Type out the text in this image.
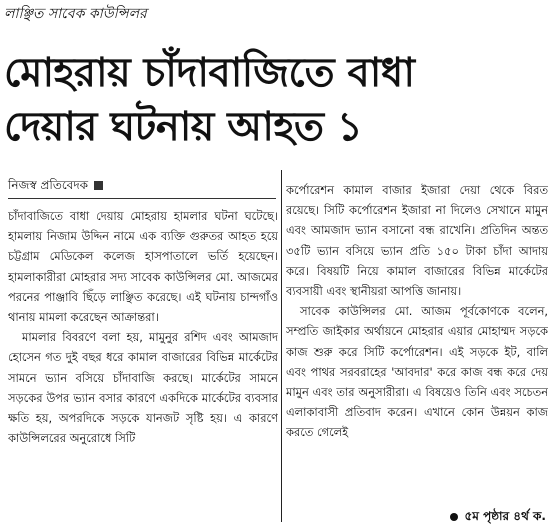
লাঞ্ছিত সাবেক কাউন্সিলর
মোহরায় চাঁদাবাজিতে বাধা
দেয়ার ঘটনায় আহত ১
নিজস্ব প্রতিবেদক

চাঁদাবাজিতে বাধা দেয়ায় মোহরায় হামলার ঘটনা ঘটেছে। হামলায় নিজাম উদ্দিন নামে এক ব্যক্তি গুরুতর আহত হয়ে চট্টগ্রাম মেডিকেল কলেজ হাসপাতালে ভর্তি হয়েছেন। হামলাকারীরা মোহরার সদ্য সাবেক কাউন্সিলর মো. আজমের পরনের পাঞ্জাবি ছিঁড়ে লাঞ্ছিত করেছে। এই ঘটনায় চান্দগাঁও থানায় মামলা করেছেন আক্রান্তরা।

মামলার বিবরণে বলা হয়, মামুনুর রশিদ এবং আমজাদ হোসেন গত দুই বছর ধরে কামাল বাজারের বিভিন্ন মার্কেটের সামনে ভ্যান বসিয়ে চাঁদাবাজি করছে। মার্কেটের সামনে সড়কের উপর ভ্যান বসার কারণে একদিকে মার্কেটের ব্যবসার ক্ষতি হয়, অপরদিকে সড়কে যানজট সৃষ্টি হয়। এ কারণে কাউন্সিলরের অনুরোধে সিটি

কর্পোরেশন কামাল বাজার ইজারা দেয়া থেকে বিরত রয়েছে। সিটি কর্পোরেশন ইজারা না দিলেও সেখানে মামুন এবং আমজাদ ভ্যান বসানো বন্ধ রাখেনি। প্রতিদিন অন্তত ৩৫টি ভ্যান বসিয়ে ভ্যান প্রতি ১৫০ টাকা চাঁদা আদায় করে। বিষয়টি নিয়ে কামাল বাজারের বিভিন্ন মার্কেটের ব্যবসায়ী এবং স্থানীয়রা আপত্তি জানায়।

সাবেক কাউন্সিলর মো. আজম পূর্বকোণকে বলেন, সম্প্রতি জাইকার অর্থায়নে মোহরার এয়ার মোহাম্মদ সড়কে কাজ শুরু করে সিটি কর্পোরেশন। এই সড়কে ইট, বালি এবং পাথর সরবরাহের 'আবদার' করে কাজ বন্ধ করে দেয় মামুন এবং তার অনুসারীরা। এ বিষয়েও তিনি এবং সচেতন এলাকাবাসী প্রতিবাদ করেন। এখানে কোন উন্নয়ন কাজ করতে গেলেই

৫ম পৃষ্ঠার ৪র্থ ক.
